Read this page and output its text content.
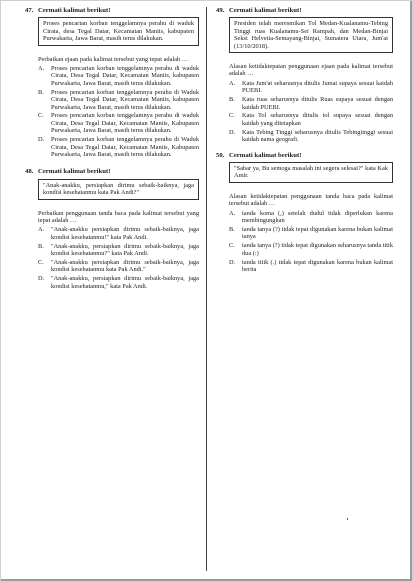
47. Cermati kalimat berikut!
Proses pencarian korban tenggelamnya perahu di waduk Cirata, desa Tegal Datar, Kecamatan Maniis, kabupaten Purwakarta, Jawa Barat, masih terus dilakukan.
Perbaikan ejaan pada kalimat tersebut yang tepat adalah …
A.	Proses pencarian korban tenggelamnya perahu di waduk Cirata, Desa Tegal Datar, Kecamatan Maniis, kabupaten Purwakarta, Jawa Barat, masih terus dilakukan.
B.	Proses pencarian korban tenggelamnya perahu di Waduk Cirata, Desa Tegal Datar, Kecamatan Maniis, kabupaten Purwakarta, Jawa Barat, masih terus dilakukan.
C.	Proses pencarian korban tenggelamnya perahu di waduk Cirata, Desa Tegal Datar, Kecamatan Maniis, Kabupaten Purwakarta, Jawa Barat, masih terus dilakukan.
D.	Proses pencarian korban tenggelamnya perahu di Waduk Cirata, Desa Tegal Datar, Kecamatan Maniis, Kabupaten Purwakarta, Jawa Barat, masih terus dilakukan.
48. Cermati kalimat berikut!
"Anak-anakku, persiapkan dirimu sebaik-baiknya, jaga kondisi kesehatanmu kata Pak Andi?"
Perbaikan penggunaan tanda baca pada kalimat tersebut yang tepat adalah …
A.	"Anak-anakku persiapkan dirimu sebaik-baiknya, jaga kondisi kesehatanmu!" kata Pak Andi.
B.	"Anak-anakku, persiapkan dirimu sebaik-baiknya, jaga kondisi kesehatanmu?" kata Pak Andi.
C.	"Anak-anakku persiapkan dirimu sebaik-baiknya, jaga kondisi kesehatanmu kata Pak Andi."
D.	"Anak-anakku, persiapkan dirimu sebaik-baiknya, jaga kondisi kesehatanmu," kata Pak Andi.
49. Cermati kalimat berikut!
Presiden telah meresmikan Tol Medan-Kualanamu-Tebing Tinggi ruas Kualanamu-Sei Rampah, dan Medan-Binjai Seksi Helvetia-Semayang-Binjai, Sumatera Utara, Jum'at (13/10/2018).
Alasan ketidaktepatan penggunaan ejaan pada kalimat tersebut adalah …
A.	Kata Jum'at seharusnya ditulis Jumat supaya sesuai kaidah PUEBI.
B.	Kata ruas seharusnya ditulis Ruas supaya sesuai dengan kaidah PUEBI.
C.	Kata Tol seharusnya ditulis tol supaya sesuai dengan kaidah yang ditetapkan
D.	Kata Tebing Tinggi seharusnya ditulis Tebingtinggi sesuai kaidah nama geografi.
50. Cermati kalimat berikut!
"Sabar ya, Bu semoga masalah ini segera selesai?" kata Kak Amir.
Alasan ketidaktepatan penggunaan tanda baca pada kalimat tersebut adalah …
A.	tanda koma (,) setelah dudul tidak diperlukan karena membingungkan
B.	tanda tanya (?) tidak tepat digunakan karena bukan kalimat tanya
C.	tanda tanya (?) tidak tepat digunakan seharusnya tanda titik dua (:)
D.	tanda titik (.) tidak tepat digunakan karena bukan kalimat berita
